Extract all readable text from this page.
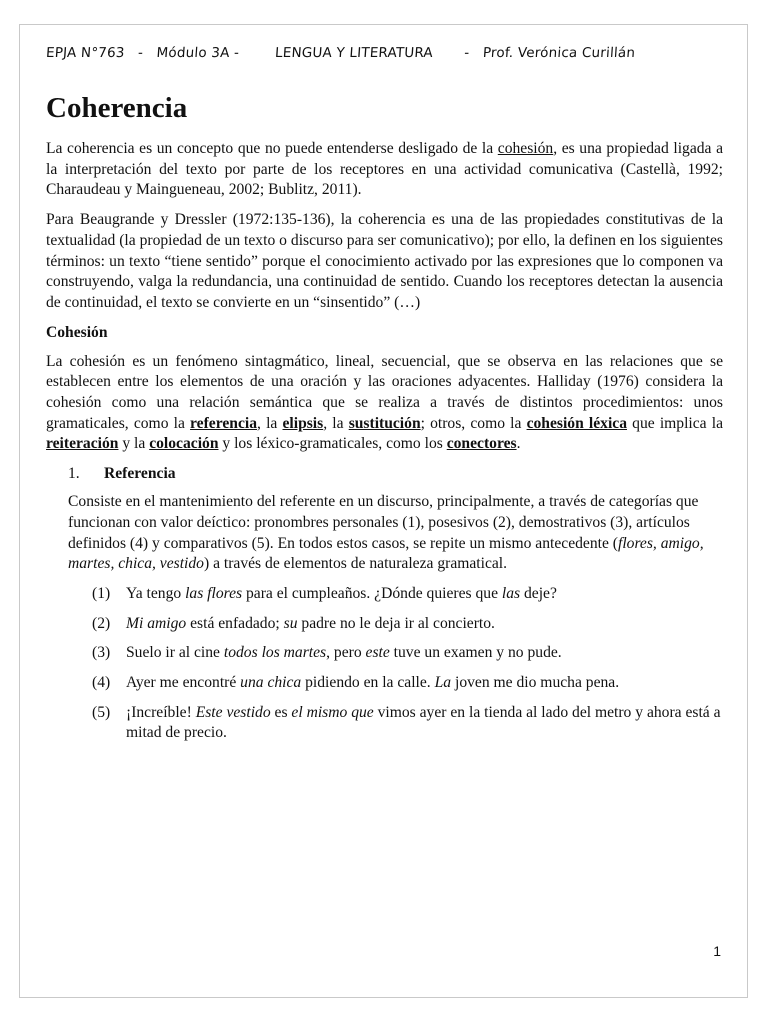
EPJA N°763   -   Módulo 3A -        LENGUA Y LITERATURA       -   Prof. Verónica Curillán
Coherencia

La coherencia es un concepto que no puede entenderse desligado de la cohesión, es una propiedad ligada a la interpretación del texto por parte de los receptores en una actividad comunicativa (Castellà, 1992; Charaudeau y Maingueneau, 2002; Bublitz, 2011).

Para Beaugrande y Dressler (1972:135-136), la coherencia es una de las propiedades constitutivas de la textualidad (la propiedad de un texto o discurso para ser comunicativo); por ello, la definen en los siguientes términos: un texto “tiene sentido” porque el conocimiento activado por las expresiones que lo componen va construyendo, valga la redundancia, una continuidad de sentido. Cuando los receptores detectan la ausencia de continuidad, el texto se convierte en un “sinsentido” (…)

Cohesión

La cohesión es un fenómeno sintagmático, lineal, secuencial, que se observa en las relaciones que se establecen entre los elementos de una oración y las oraciones adyacentes. Halliday (1976) considera la cohesión como una relación semántica que se realiza a través de distintos procedimientos: unos gramaticales, como la referencia, la elipsis, la sustitución; otros, como la cohesión léxica que implica la reiteración y la colocación y los léxico-gramaticales, como los conectores.

1. Referencia

Consiste en el mantenimiento del referente en un discurso, principalmente, a través de categorías que funcionan con valor deíctico: pronombres personales (1), posesivos (2), demostrativos (3), artículos definidos (4) y comparativos (5). En todos estos casos, se repite un mismo antecedente (flores, amigo, martes, chica, vestido) a través de elementos de naturaleza gramatical.

(1)	Ya tengo las flores para el cumpleaños. ¿Dónde quieres que las deje?
(2)	Mi amigo está enfadado; su padre no le deja ir al concierto.
(3)	Suelo ir al cine todos los martes, pero este tuve un examen y no pude.
(4)	Ayer me encontré una chica pidiendo en la calle. La joven me dio mucha pena.
(5)	¡Increíble! Este vestido es el mismo que vimos ayer en la tienda al lado del metro y ahora está a mitad de precio.
1
